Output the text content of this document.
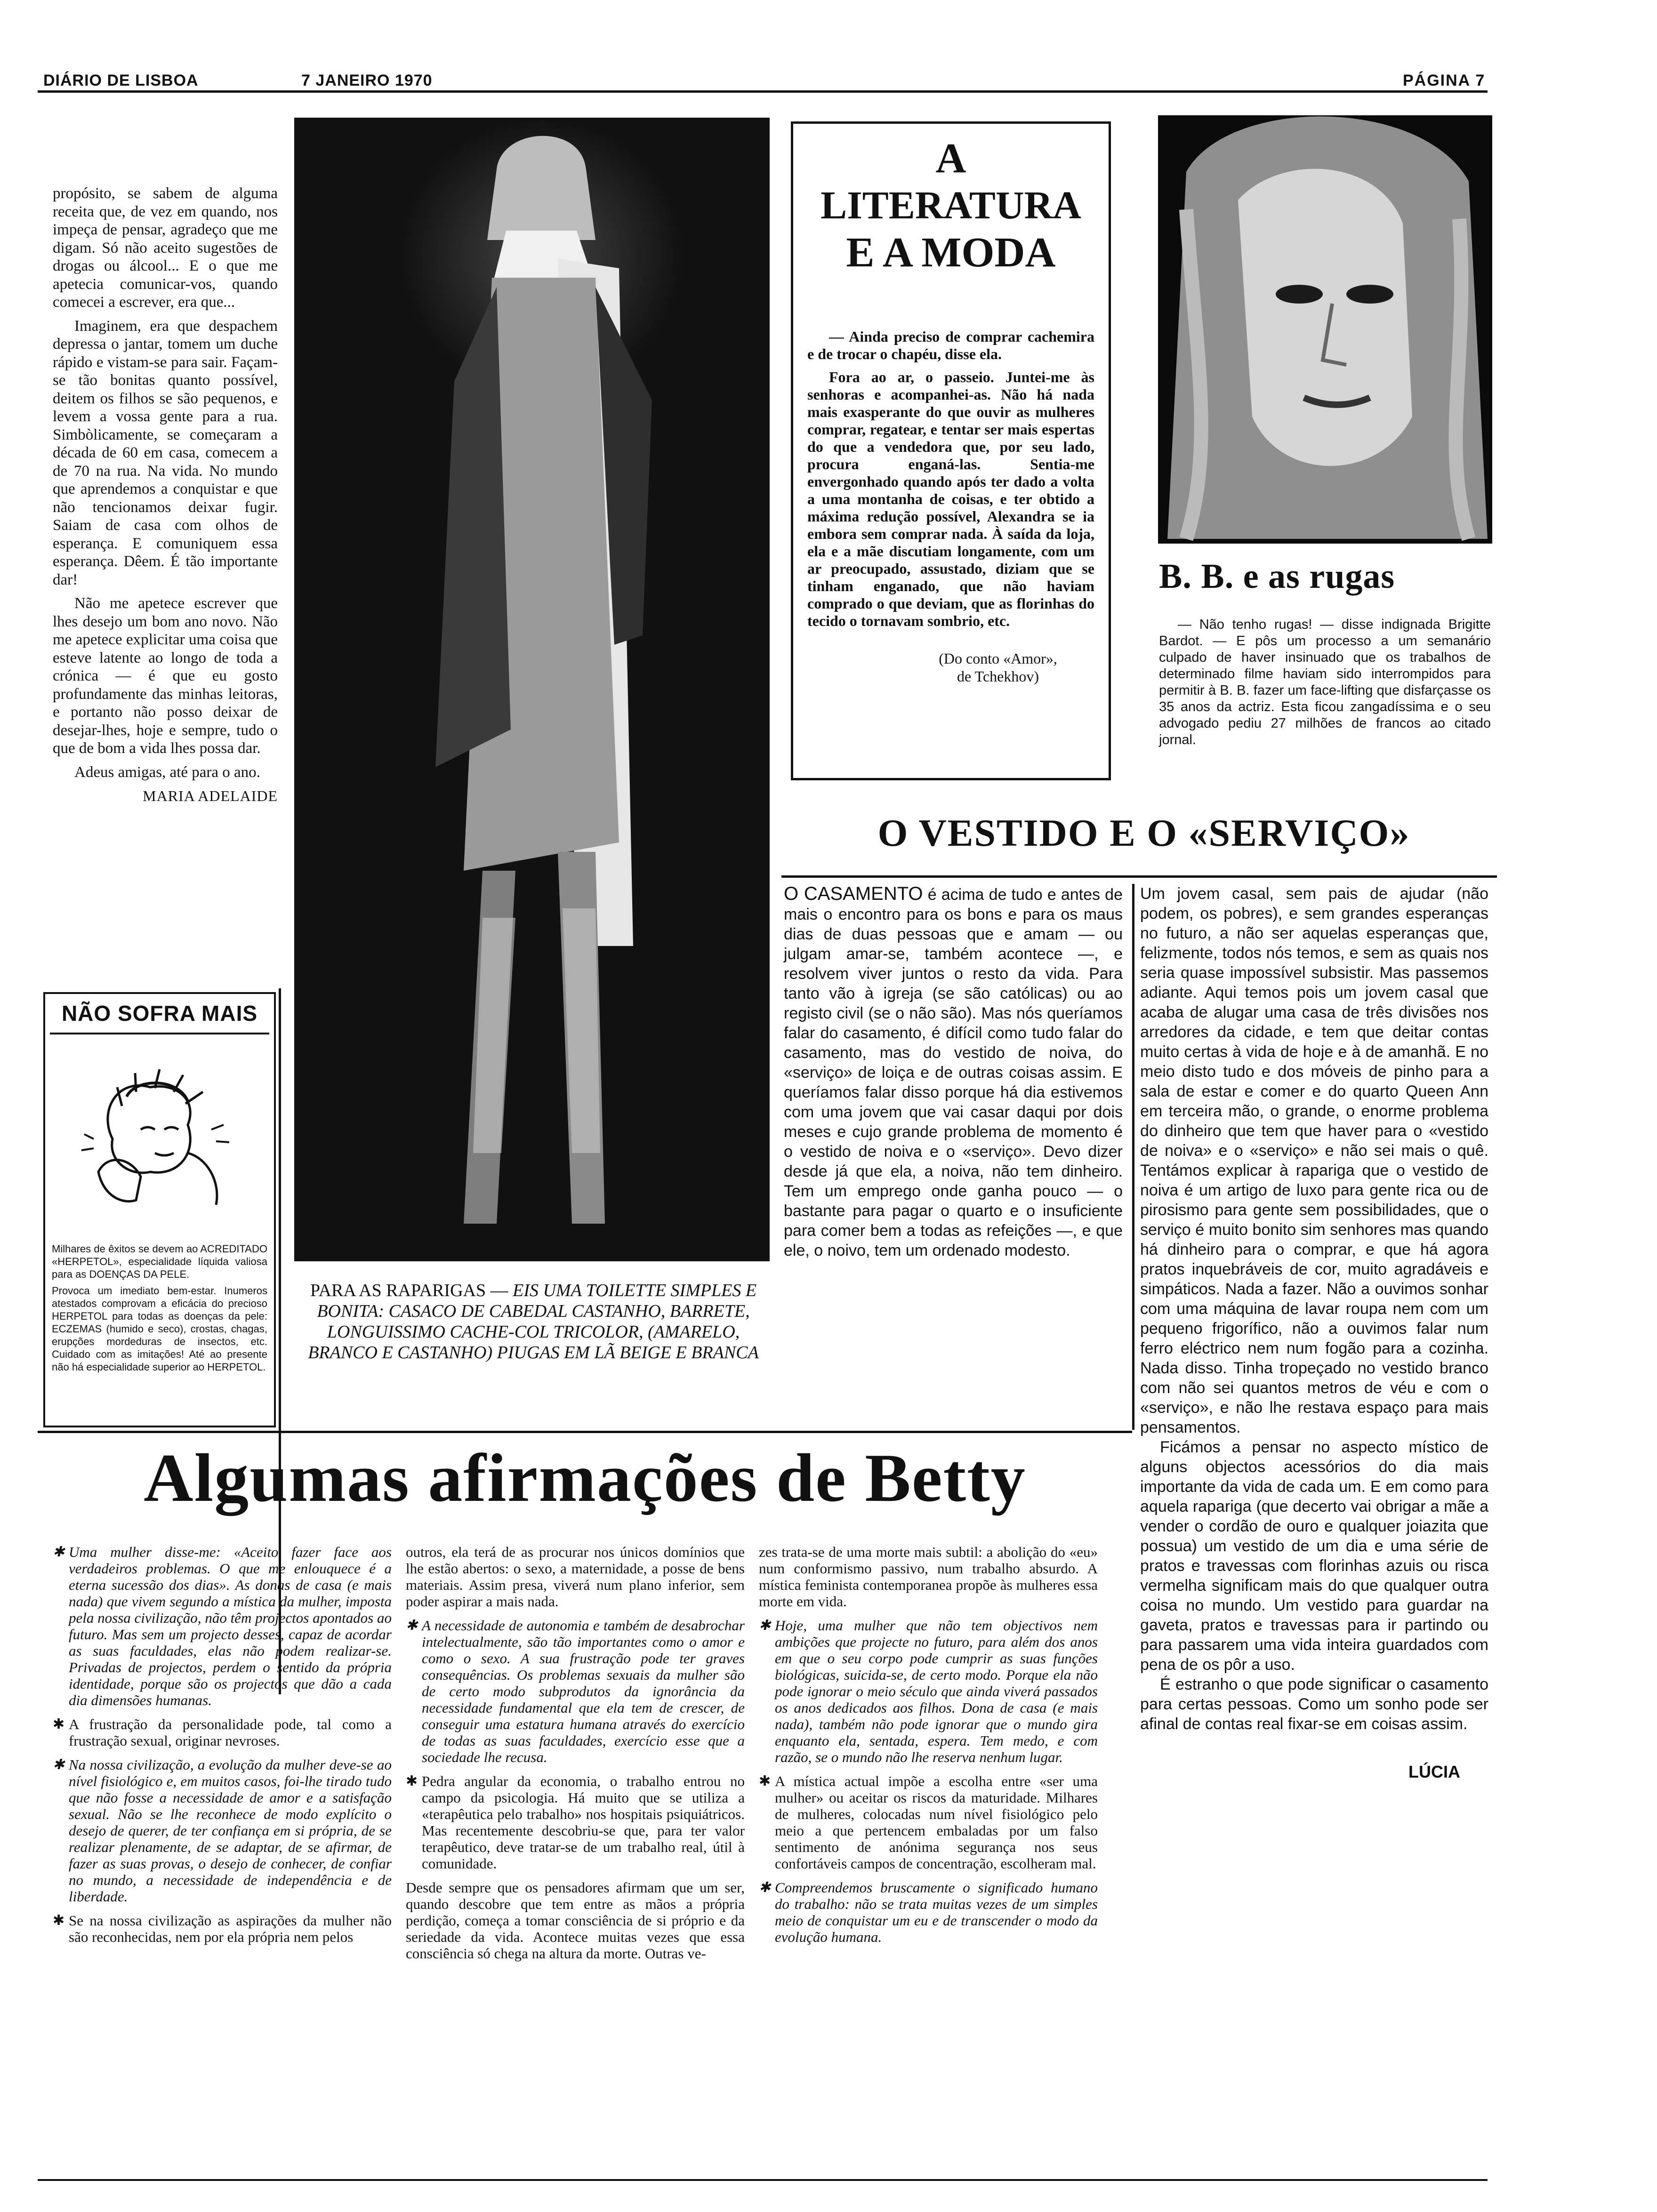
DIÁRIO DE LISBOA	7 JANEIRO 1970	PÁGINA 7

propósito, se sabem de alguma receita que, de vez em quando, nos impeça de pensar, agradeço que me digam. Só não aceito sugestões de drogas ou álcool... E o que me apetecia comunicar-vos, quando comecei a escrever, era que...

Imaginem, era que despachem depressa o jantar, tomem um duche rápido e vistam-se para sair. Façam-se tão bonitas quanto possível, deitem os filhos se são pequenos, e levem a vossa gente para a rua. Simbòlicamente, se começaram a década de 60 em casa, comecem a de 70 na rua. Na vida. No mundo que aprendemos a conquistar e que não tencionamos deixar fugir. Saiam de casa com olhos de esperança. E comuniquem essa esperança. Dêem. É tão importante dar!

Não me apetece escrever que lhes desejo um bom ano novo. Não me apetece explicitar uma coisa que esteve latente ao longo de toda a crónica — é que eu gosto profundamente das minhas leitoras, e portanto não posso deixar de desejar-lhes, hoje e sempre, tudo o que de bom a vida lhes possa dar.

Adeus amigas, até para o ano.

MARIA ADELAIDE
NÃO SOFRA MAIS
Milhares de êxitos se devem ao ACREDITADO «HERPETOL», especialidade líquida valiosa para as DOENÇAS DA PELE.
Provoca um imediato bem-estar. Inumeros atestados comprovam a eficácia do precioso HERPETOL para todas as doenças da pele: ECZEMAS (humido e seco), crostas, chagas, erupções mordeduras de insectos, etc. Cuidado com as imitações! Até ao presente não há especialidade superior ao HERPETOL.
PARA AS RAPARIGAS — EIS UMA TOILETTE SIMPLES E BONITA: CASACO DE CABEDAL CASTANHO, BARRETE, LONGUISSIMO CACHE-COL TRICOLOR, (AMARELO, BRANCO E CASTANHO) PIUGAS EM LÃ BEIGE E BRANCA
A
LITERATURA
E A MODA

— Ainda preciso de comprar cachemira e de trocar o chapéu, disse ela.

Fora ao ar, o passeio. Juntei-me às senhoras e acompanhei-as. Não há nada mais exasperante do que ouvir as mulheres comprar, regatear, e tentar ser mais espertas do que a vendedora que, por seu lado, procura enganá-las. Sentia-me envergonhado quando após ter dado a volta a uma montanha de coisas, e ter obtido a máxima redução possível, Alexandra se ia embora sem comprar nada. À saída da loja, ela e a mãe discutiam longamente, com um ar preocupado, assustado, diziam que se tinham enganado, que não haviam comprado o que deviam, que as florinhas do tecido o tornavam sombrio, etc.

(Do conto «Amor»,
de Tchekhov)
B. B. e as rugas
— Não tenho rugas! — disse indignada Brigitte Bardot. — E pôs um processo a um semanário culpado de haver insinuado que os trabalhos de determinado filme haviam sido interrompidos para permitir à B. B. fazer um face-lifting que disfarçasse os 35 anos da actriz. Esta ficou zangadíssima e o seu advogado pediu 27 milhões de francos ao citado jornal.
O VESTIDO E O «SERVIÇO»

O CASAMENTO é acima de tudo e antes de mais o encontro para os bons e para os maus dias de duas pessoas que e amam — ou julgam amar-se, também acontece —, e resolvem viver juntos o resto da vida. Para tanto vão à igreja (se são católicas) ou ao registo civil (se o não são). Mas nós queríamos falar do casamento, é difícil como tudo falar do casamento, mas do vestido de noiva, do «serviço» de loiça e de outras coisas assim. E queríamos falar disso porque há dia estivemos com uma jovem que vai casar daqui por dois meses e cujo grande problema de momento é o vestido de noiva e o «serviço». Devo dizer desde já que ela, a noiva, não tem dinheiro. Tem um emprego onde ganha pouco — o bastante para pagar o quarto e o insuficiente para comer bem a todas as refeições —, e que ele, o noivo, tem um ordenado modesto.

Um jovem casal, sem pais de ajudar (não podem, os pobres), e sem grandes esperanças no futuro, a não ser aquelas esperanças que, felizmente, todos nós temos, e sem as quais nos seria quase impossível subsistir. Mas passemos adiante. Aqui temos pois um jovem casal que acaba de alugar uma casa de três divisões nos arredores da cidade, e tem que deitar contas muito certas à vida de hoje e à de amanhã. E no meio disto tudo e dos móveis de pinho para a sala de estar e comer e do quarto Queen Ann em terceira mão, o grande, o enorme problema do dinheiro que tem que haver para o «vestido de noiva» e o «serviço» e não sei mais o quê. Tentámos explicar à rapariga que o vestido de noiva é um artigo de luxo para gente rica ou de pirosismo para gente sem possibilidades, que o serviço é muito bonito sim senhores mas quando há dinheiro para o comprar, e que há agora pratos inquebráveis de cor, muito agradáveis e simpáticos. Nada a fazer. Não a ouvimos sonhar com uma máquina de lavar roupa nem com um pequeno frigorífico, não a ouvimos falar num ferro eléctrico nem num fogão para a cozinha. Nada disso. Tinha tropeçado no vestido branco com não sei quantos metros de véu e com o «serviço», e não lhe restava espaço para mais pensamentos.

Ficámos a pensar no aspecto místico de alguns objectos acessórios do dia mais importante da vida de cada um. E em como para aquela rapariga (que decerto vai obrigar a mãe a vender o cordão de ouro e qualquer joiazita que possua) um vestido de um dia e uma série de pratos e travessas com florinhas azuis ou risca vermelha significam mais do que qualquer outra coisa no mundo. Um vestido para guardar na gaveta, pratos e travessas para ir partindo ou para passarem uma vida inteira guardados com pena de os pôr a uso.

É estranho o que pode significar o casamento para certas pessoas. Como um sonho pode ser afinal de contas real fixar-se em coisas assim.

LÚCIA
Algumas afirmações de Betty

✱ Uma mulher disse-me: «Aceito fazer face aos verdadeiros problemas. O que me enlouquece é a eterna sucessão dos dias». As donas de casa (e mais nada) que vivem segundo a mística da mulher, imposta pela nossa civilização, não têm projectos apontados ao futuro. Mas sem um projecto desses, capaz de acordar as suas faculdades, elas não podem realizar-se. Privadas de projectos, perdem o sentido da própria identidade, porque são os projectos que dão a cada dia dimensões humanas.

✱ A frustração da personalidade pode, tal como a frustração sexual, originar nevroses.

✱ Na nossa civilização, a evolução da mulher deve-se ao nível fisiológico e, em muitos casos, foi-lhe tirado tudo que não fosse a necessidade de amor e a satisfação sexual. Não se lhe reconhece de modo explícito o desejo de querer, de ter confiança em si própria, de se realizar plenamente, de se adaptar, de se afirmar, de fazer as suas provas, o desejo de conhecer, de confiar no mundo, a necessidade de independência e de liberdade.

✱ Se na nossa civilização as aspirações da mulher não são reconhecidas, nem por ela própria nem pelos

outros, ela terá de as procurar nos únicos domínios que lhe estão abertos: o sexo, a maternidade, a posse de bens materiais. Assim presa, viverá num plano inferior, sem poder aspirar a mais nada.

✱ A necessidade de autonomia e também de desabrochar intelectualmente, são tão importantes como o amor e como o sexo. A sua frustração pode ter graves consequências. Os problemas sexuais da mulher são de certo modo subprodutos da ignorância da necessidade fundamental que ela tem de crescer, de conseguir uma estatura humana através do exercício de todas as suas faculdades, exercício esse que a sociedade lhe recusa.

✱ Pedra angular da economia, o trabalho entrou no campo da psicologia. Há muito que se utiliza a «terapêutica pelo trabalho» nos hospitais psiquiátricos. Mas recentemente descobriu-se que, para ter valor terapêutico, deve tratar-se de um trabalho real, útil à comunidade.

Desde sempre que os pensadores afirmam que um ser, quando descobre que tem entre as mãos a própria perdição, começa a tomar consciência de si próprio e da seriedade da vida. Acontece muitas vezes que essa consciência só chega na altura da morte. Outras ve-

zes trata-se de uma morte mais subtil: a abolição do «eu» num conformismo passivo, num trabalho absurdo. A mística feminista contemporanea propõe às mulheres essa morte em vida.

✱ Hoje, uma mulher que não tem objectivos nem ambições que projecte no futuro, para além dos anos em que o seu corpo pode cumprir as suas funções biológicas, suicida-se, de certo modo. Porque ela não pode ignorar o meio século que ainda viverá passados os anos dedicados aos filhos. Dona de casa (e mais nada), também não pode ignorar que o mundo gira enquanto ela, sentada, espera. Tem medo, e com razão, se o mundo não lhe reserva nenhum lugar.

✱ A mística actual impõe a escolha entre «ser uma mulher» ou aceitar os riscos da maturidade. Milhares de mulheres, colocadas num nível fisiológico pelo meio a que pertencem embaladas por um falso sentimento de anónima segurança nos seus confortáveis campos de concentração, escolheram mal.

✱ Compreendemos bruscamente o significado humano do trabalho: não se trata muitas vezes de um simples meio de conquistar um eu e de transcender o modo da evolução humana.
